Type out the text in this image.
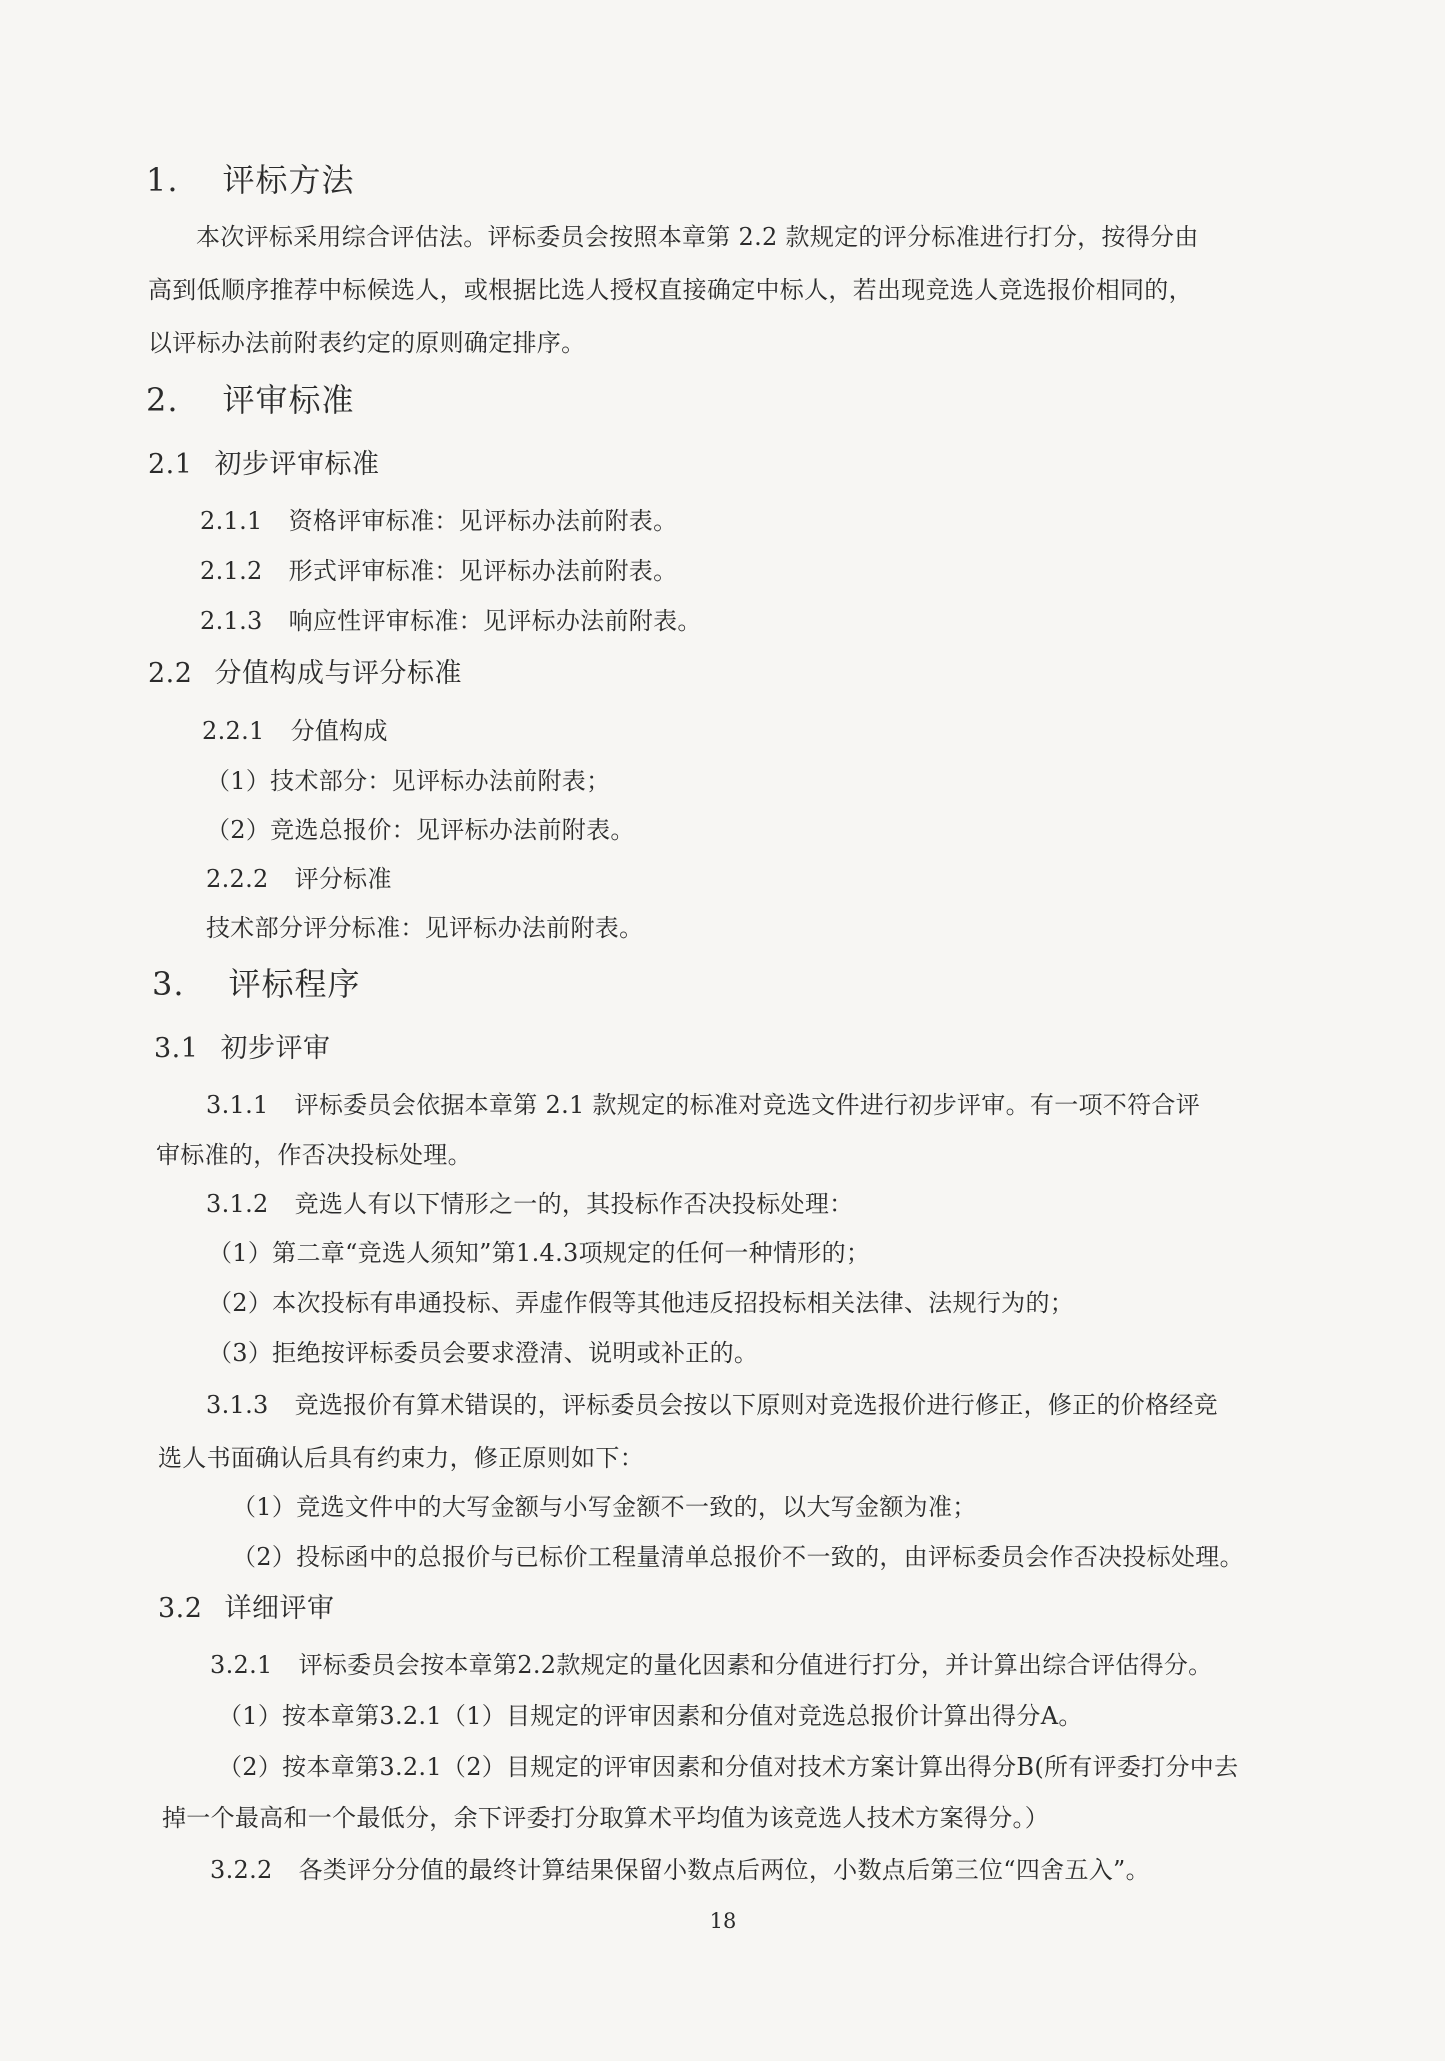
1. 评标方法
本次评标采用综合评估法。评标委员会按照本章第 2.2 款规定的评分标准进行打分，按得分由
高到低顺序推荐中标候选人，或根据比选人授权直接确定中标人，若出现竞选人竞选报价相同的，
以评标办法前附表约定的原则确定排序。
2. 评审标准
2.1 初步评审标准
2.1.1 资格评审标准：见评标办法前附表。
2.1.2 形式评审标准：见评标办法前附表。
2.1.3 响应性评审标准：见评标办法前附表。
2.2 分值构成与评分标准
2.2.1 分值构成
（1）技术部分：见评标办法前附表；
（2）竞选总报价：见评标办法前附表。
2.2.2 评分标准
技术部分评分标准：见评标办法前附表。
3. 评标程序
3.1 初步评审
3.1.1 评标委员会依据本章第 2.1 款规定的标准对竞选文件进行初步评审。有一项不符合评
审标准的，作否决投标处理。
3.1.2 竞选人有以下情形之一的，其投标作否决投标处理：
（1）第二章“竞选人须知”第1.4.3项规定的任何一种情形的；
（2）本次投标有串通投标、弄虚作假等其他违反招投标相关法律、法规行为的；
（3）拒绝按评标委员会要求澄清、说明或补正的。
3.1.3 竞选报价有算术错误的，评标委员会按以下原则对竞选报价进行修正，修正的价格经竞
选人书面确认后具有约束力，修正原则如下：
（1）竞选文件中的大写金额与小写金额不一致的，以大写金额为准；
（2）投标函中的总报价与已标价工程量清单总报价不一致的，由评标委员会作否决投标处理。
3.2 详细评审
3.2.1 评标委员会按本章第2.2款规定的量化因素和分值进行打分，并计算出综合评估得分。
（1）按本章第3.2.1（1）目规定的评审因素和分值对竞选总报价计算出得分A。
（2）按本章第3.2.1（2）目规定的评审因素和分值对技术方案计算出得分B(所有评委打分中去
掉一个最高和一个最低分，余下评委打分取算术平均值为该竞选人技术方案得分。）
3.2.2 各类评分分值的最终计算结果保留小数点后两位，小数点后第三位“四舍五入”。
18
